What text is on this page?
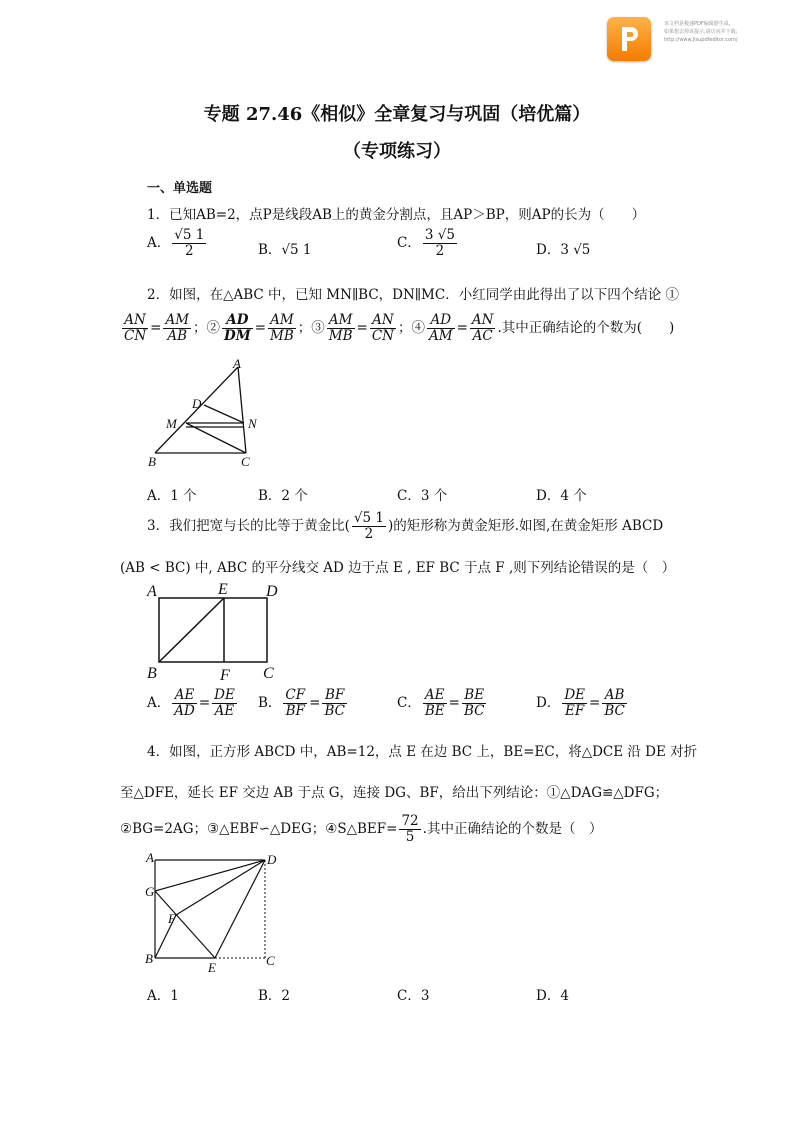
该文档是极速PDF编辑器生成,
如果想去掉该提示,请访问并下载:
http://www.jisupdfeditor.com/
专题 27.46《相似》全章复习与巩固（培优篇）
（专项练习）
一、单选题
1．已知AB=2，点P是线段AB上的黄金分割点，且AP＞BP，则AP的长为（　　）
A． $\frac{√5 1}{2}$	B．√5 1	C． $\frac{3 √5}{2}$	D．3 √5
2．如图，在△ABC 中，已知 MN∥BC，DN∥MC．小红同学由此得出了以下四个结论 ①
$\frac{AN}{CN} = \frac{AM}{AB}$ ；② $\frac{AD}{DM} = \frac{AM}{MB}$ ；③ $\frac{AM}{MB} = \frac{AN}{CN}$ ；④ $\frac{AD}{AM} = \frac{AN}{AC}$ .其中正确结论的个数为(　　)
A
D
M	N
B	C
A．1 个	B．2 个	C．3 个	D．4 个
3．我们把宽与长的比等于黄金比( $\frac{√5 1}{2}$ )的矩形称为黄金矩形.如图,在黄金矩形 ABCD
(AB < BC) 中, ABC 的平分线交 AD 边于点 E , EF BC 于点 F ,则下列结论错误的是（　）
A	E D
B	F C
A． $\frac{AE}{AD} = \frac{DE}{AE}$ B． $\frac{CF}{BF} = \frac{BF}{BC}$	C． $\frac{AE}{BE} = \frac{BE}{BC}$	D． $\frac{DE}{EF} = \frac{AB}{BC}$
4．如图，正方形 ABCD 中，AB=12，点 E 在边 BC 上，BE=EC，将△DCE 沿 DE 对折
至△DFE，延长 EF 交边 AB 于点 G，连接 DG、BF，给出下列结论：①△DAG≌△DFG；
②BG=2AG；③△EBF∽△DEG；④S△BEF= $\frac{72}{5}$ .其中正确结论的个数是（　）
A	D
G
F
B
E	C
A．1	B．2	C．3	D．4
